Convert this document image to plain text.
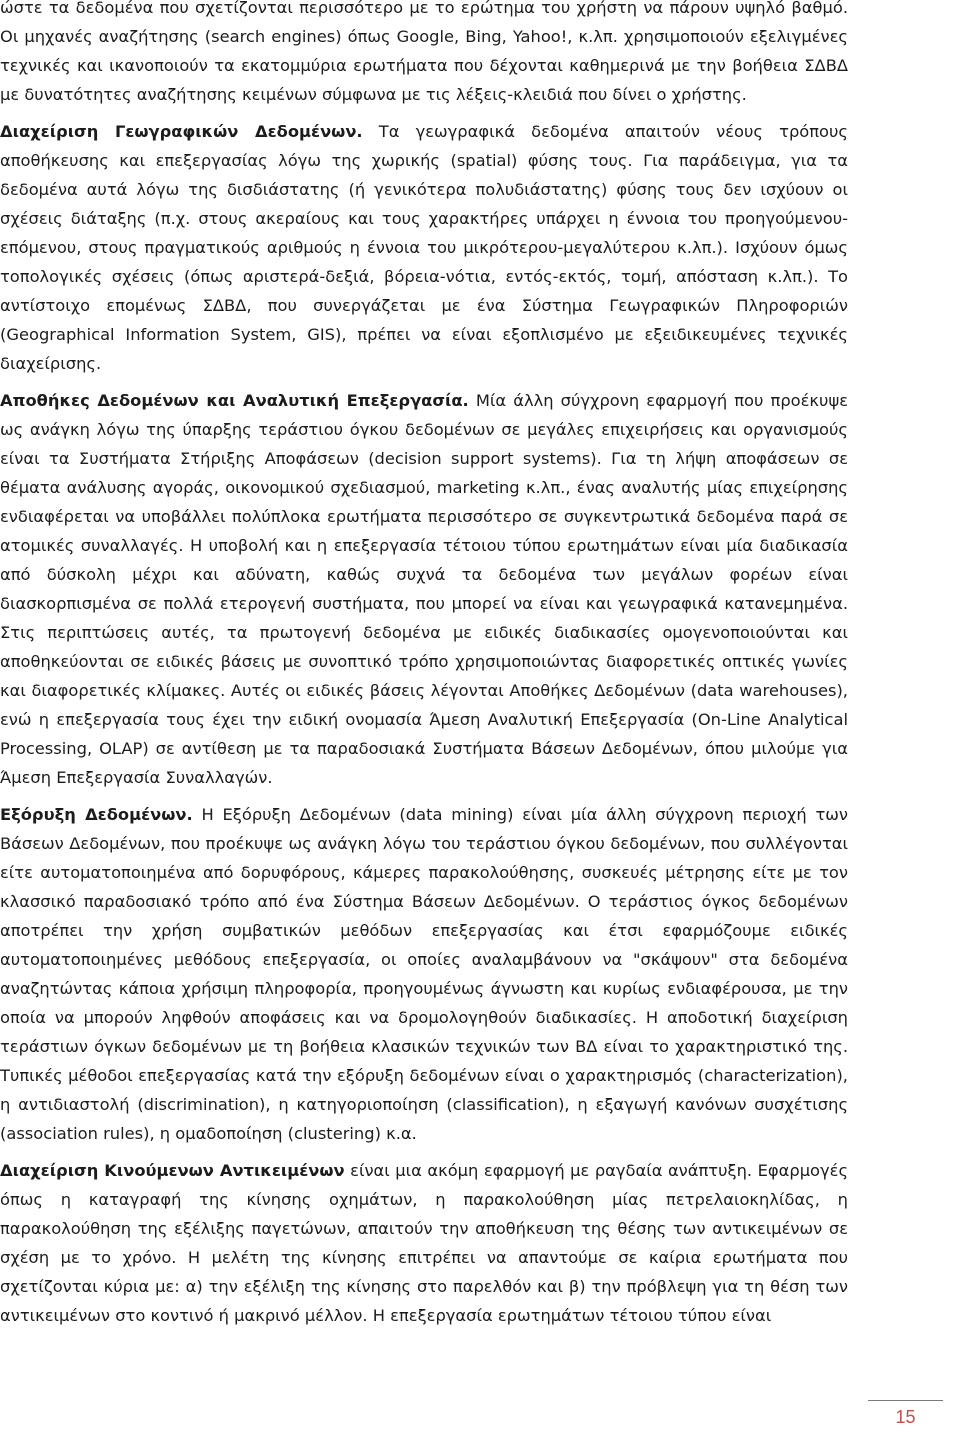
ώστε τα δεδομένα που σχετίζονται περισσότερο με το ερώτημα του χρήστη να πάρουν υψηλό βαθμό. Οι μηχανές αναζήτησης (search engines) όπως Google, Bing, Yahoo!, κ.λπ. χρησιμοποιούν εξελιγμένες τεχνικές και ικανοποιούν τα εκατομμύρια ερωτήματα που δέχονται καθημερινά με την βοήθεια ΣΔΒΔ με δυνατότητες αναζήτησης κειμένων σύμφωνα με τις λέξεις-κλειδιά που δίνει ο χρήστης.

Διαχείριση Γεωγραφικών Δεδομένων. Τα γεωγραφικά δεδομένα απαιτούν νέους τρόπους αποθήκευσης και επεξεργασίας λόγω της χωρικής (spatial) φύσης τους. Για παράδειγμα, για τα δεδομένα αυτά λόγω της δισδιάστατης (ή γενικότερα πολυδιάστατης) φύσης τους δεν ισχύουν οι σχέσεις διάταξης (π.χ. στους ακεραίους και τους χαρακτήρες υπάρχει η έννοια του προηγούμενου-επόμενου, στους πραγματικούς αριθμούς η έννοια του μικρότερου-μεγαλύτερου κ.λπ.). Ισχύουν όμως τοπολογικές σχέσεις (όπως αριστερά-δεξιά, βόρεια-νότια, εντός-εκτός, τομή, απόσταση κ.λπ.). Το αντίστοιχο επομένως ΣΔΒΔ, που συνεργάζεται με ένα Σύστημα Γεωγραφικών Πληροφοριών (Geographical Information System, GIS), πρέπει να είναι εξοπλισμένο με εξειδικευμένες τεχνικές διαχείρισης.

Αποθήκες Δεδομένων και Αναλυτική Επεξεργασία. Μία άλλη σύγχρονη εφαρμογή που προέκυψε ως ανάγκη λόγω της ύπαρξης τεράστιου όγκου δεδομένων σε μεγάλες επιχειρήσεις και οργανισμούς είναι τα Συστήματα Στήριξης Αποφάσεων (decision support systems). Για τη λήψη αποφάσεων σε θέματα ανάλυσης αγοράς, οικονομικού σχεδιασμού, marketing κ.λπ., ένας αναλυτής μίας επιχείρησης ενδιαφέρεται να υποβάλλει πολύπλοκα ερωτήματα περισσότερο σε συγκεντρωτικά δεδομένα παρά σε ατομικές συναλλαγές. Η υποβολή και η επεξεργασία τέτοιου τύπου ερωτημάτων είναι μία διαδικασία από δύσκολη μέχρι και αδύνατη, καθώς συχνά τα δεδομένα των μεγάλων φορέων είναι διασκορπισμένα σε πολλά ετερογενή συστήματα, που μπορεί να είναι και γεωγραφικά κατανεμημένα. Στις περιπτώσεις αυτές, τα πρωτογενή δεδομένα με ειδικές διαδικασίες ομογενοποιούνται και αποθηκεύονται σε ειδικές βάσεις με συνοπτικό τρόπο χρησιμοποιώντας διαφορετικές οπτικές γωνίες και διαφορετικές κλίμακες. Αυτές οι ειδικές βάσεις λέγονται Αποθήκες Δεδομένων (data warehouses), ενώ η επεξεργασία τους έχει την ειδική ονομασία Άμεση Αναλυτική Επεξεργασία (On-Line Analytical Processing, OLAP) σε αντίθεση με τα παραδοσιακά Συστήματα Βάσεων Δεδομένων, όπου μιλούμε για Άμεση Επεξεργασία Συναλλαγών.

Εξόρυξη Δεδομένων. Η Εξόρυξη Δεδομένων (data mining) είναι μία άλλη σύγχρονη περιοχή των Βάσεων Δεδομένων, που προέκυψε ως ανάγκη λόγω του τεράστιου όγκου δεδομένων, που συλλέγονται είτε αυτοματοποιημένα από δορυφόρους, κάμερες παρακολούθησης, συσκευές μέτρησης είτε με τον κλασσικό παραδοσιακό τρόπο από ένα Σύστημα Βάσεων Δεδομένων. Ο τεράστιος όγκος δεδομένων αποτρέπει την χρήση συμβατικών μεθόδων επεξεργασίας και έτσι εφαρμόζουμε ειδικές αυτοματοποιημένες μεθόδους επεξεργασία, οι οποίες αναλαμβάνουν να "σκάψουν" στα δεδομένα αναζητώντας κάποια χρήσιμη πληροφορία, προηγουμένως άγνωστη και κυρίως ενδιαφέρουσα, με την οποία να μπορούν ληφθούν αποφάσεις και να δρομολογηθούν διαδικασίες. Η αποδοτική διαχείριση τεράστιων όγκων δεδομένων με τη βοήθεια κλασικών τεχνικών των ΒΔ είναι το χαρακτηριστικό της. Τυπικές μέθοδοι επεξεργασίας κατά την εξόρυξη δεδομένων είναι ο χαρακτηρισμός (characterization), η αντιδιαστολή (discrimination), η κατηγοριοποίηση (classification), η εξαγωγή κανόνων συσχέτισης (association rules), η ομαδοποίηση (clustering) κ.α.

Διαχείριση Κινούμενων Αντικειμένων είναι μια ακόμη εφαρμογή με ραγδαία ανάπτυξη. Εφαρμογές όπως η καταγραφή της κίνησης οχημάτων, η παρακολούθηση μίας πετρελαιοκηλίδας, η παρακολούθηση της εξέλιξης παγετώνων, απαιτούν την αποθήκευση της θέσης των αντικειμένων σε σχέση με το χρόνο. Η μελέτη της κίνησης επιτρέπει να απαντούμε σε καίρια ερωτήματα που σχετίζονται κύρια με: α) την εξέλιξη της κίνησης στο παρελθόν και β) την πρόβλεψη για τη θέση των αντικειμένων στο κοντινό ή μακρινό μέλλον. Η επεξεργασία ερωτημάτων τέτοιου τύπου είναι

15
